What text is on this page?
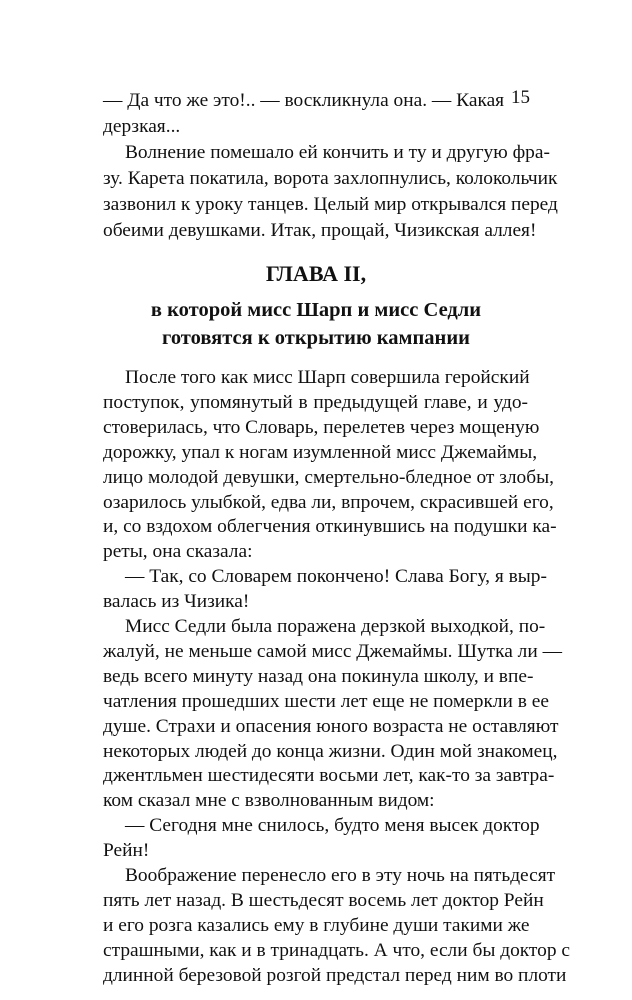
15
— Да что же это!.. — воскликнула она. — Какая
дерзкая...
Волнение помешало ей кончить и ту и другую фра-
зу. Карета покатила, ворота захлопнулись, колокольчик
зазвонил к уроку танцев. Целый мир открывался перед
обеими девушками. Итак, прощай, Чизикская аллея!
ГЛАВА II,
в которой мисс Шарп и мисс Седли
готовятся к открытию кампании
После того как мисс Шарп совершила геройский
поступок, упомянутый в предыдущей главе, и удо-
стоверилась, что Словарь, перелетев через мощеную
дорожку, упал к ногам изумленной мисс Джемаймы,
лицо молодой девушки, смертельно-бледное от злобы,
озарилось улыбкой, едва ли, впрочем, скрасившей его,
и, со вздохом облегчения откинувшись на подушки ка-
реты, она сказала:
— Так, со Словарем покончено! Слава Богу, я выр-
валась из Чизика!
Мисс Седли была поражена дерзкой выходкой, по-
жалуй, не меньше самой мисс Джемаймы. Шутка ли —
ведь всего минуту назад она покинула школу, и впе-
чатления прошедших шести лет еще не померкли в ее
душе. Страхи и опасения юного возраста не оставляют
некоторых людей до конца жизни. Один мой знакомец,
джентльмен шестидесяти восьми лет, как-то за завтра-
ком сказал мне с взволнованным видом:
— Сегодня мне снилось, будто меня высек доктор
Рейн!
Воображение перенесло его в эту ночь на пятьдесят
пять лет назад. В шестьдесят восемь лет доктор Рейн
и его розга казались ему в глубине души такими же
страшными, как и в тринадцать. А что, если бы доктор с
длинной березовой розгой предстал перед ним во плоти
